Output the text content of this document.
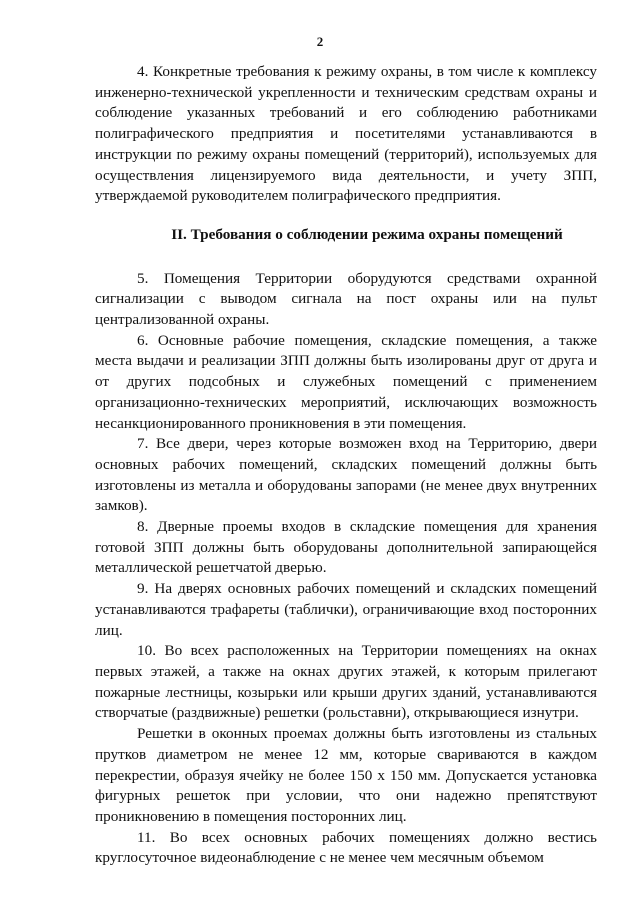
2

4. Конкретные требования к режиму охраны, в том числе к комплексу инженерно-технической укрепленности и техническим средствам охраны и соблюдение указанных требований и его соблюдению работниками полиграфического предприятия и посетителями устанавливаются в инструкции по режиму охраны помещений (территорий), используемых для осуществления лицензируемого вида деятельности, и учету ЗПП, утверждаемой руководителем полиграфического предприятия.

II. Требования о соблюдении режима охраны помещений

5. Помещения Территории оборудуются средствами охранной сигнализации с выводом сигнала на пост охраны или на пульт централизованной охраны.

6. Основные рабочие помещения, складские помещения, а также места выдачи и реализации ЗПП должны быть изолированы друг от друга и от других подсобных и служебных помещений с применением организационно-технических мероприятий, исключающих возможность несанкционированного проникновения в эти помещения.

7. Все двери, через которые возможен вход на Территорию, двери основных рабочих помещений, складских помещений должны быть изготовлены из металла и оборудованы запорами (не менее двух внутренних замков).

8. Дверные проемы входов в складские помещения для хранения готовой ЗПП должны быть оборудованы дополнительной запирающейся металлической решетчатой дверью.

9. На дверях основных рабочих помещений и складских помещений устанавливаются трафареты (таблички), ограничивающие вход посторонних лиц.

10. Во всех расположенных на Территории помещениях на окнах первых этажей, а также на окнах других этажей, к которым прилегают пожарные лестницы, козырьки или крыши других зданий, устанавливаются створчатые (раздвижные) решетки (рольставни), открывающиеся изнутри.

Решетки в оконных проемах должны быть изготовлены из стальных прутков диаметром не менее 12 мм, которые свариваются в каждом перекрестии, образуя ячейку не более 150 х 150 мм. Допускается установка фигурных решеток при условии, что они надежно препятствуют проникновению в помещения посторонних лиц.

11. Во всех основных рабочих помещениях должно вестись круглосуточное видеонаблюдение с не менее чем месячным объемом
